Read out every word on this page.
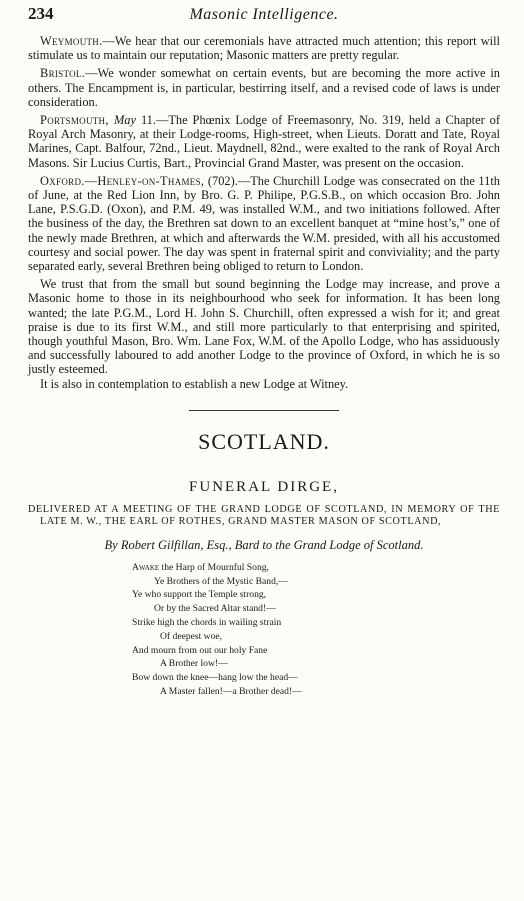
234	Masonic Intelligence.

Weymouth.—We hear that our ceremonials have attracted much attention; this report will stimulate us to maintain our reputation; Masonic matters are pretty regular.

Bristol.—We wonder somewhat on certain events, but are becoming the more active in others. The Encampment is, in particular, bestirring itself, and a revised code of laws is under consideration.

Portsmouth, May 11.—The Phœnix Lodge of Freemasonry, No. 319, held a Chapter of Royal Arch Masonry, at their Lodge-rooms, High-street, when Lieuts. Doratt and Tate, Royal Marines, Capt. Balfour, 72nd., Lieut. Maydnell, 82nd., were exalted to the rank of Royal Arch Masons. Sir Lucius Curtis, Bart., Provincial Grand Master, was present on the occasion.

Oxford.—Henley-on-Thames, (702).—The Churchill Lodge was consecrated on the 11th of June, at the Red Lion Inn, by Bro. G. P. Philipe, P.G.S.B., on which occasion Bro. John Lane, P.S.G.D. (Oxon), and P.M. 49, was installed W.M., and two initiations followed. After the business of the day, the Brethren sat down to an excellent banquet at “mine host’s,” one of the newly made Brethren, at which and afterwards the W.M. presided, with all his accustomed courtesy and social power. The day was spent in fraternal spirit and conviviality; and the party separated early, several Brethren being obliged to return to London.

We trust that from the small but sound beginning the Lodge may increase, and prove a Masonic home to those in its neighbourhood who seek for information. It has been long wanted; the late P.G.M., Lord H. John S. Churchill, often expressed a wish for it; and great praise is due to its first W.M., and still more particularly to that enterprising and spirited, though youthful Mason, Bro. Wm. Lane Fox, W.M. of the Apollo Lodge, who has assiduously and successfully laboured to add another Lodge to the province of Oxford, in which he is so justly esteemed.

It is also in contemplation to establish a new Lodge at Witney.

SCOTLAND.
FUNERAL DIRGE,

DELIVERED AT A MEETING OF THE GRAND LODGE OF SCOTLAND, IN MEMORY OF THE LATE M. W., THE EARL OF ROTHES, GRAND MASTER MASON OF SCOTLAND,

By Robert Gilfillan, Esq., Bard to the Grand Lodge of Scotland.

Awake the Harp of Mournful Song,
Ye Brothers of the Mystic Band,—
Ye who support the Temple strong,
Or by the Sacred Altar stand!—
Strike high the chords in wailing strain
Of deepest woe,
And mourn from out our holy Fane
A Brother low!—
Bow down the knee—hang low the head—
A Master fallen!—a Brother dead!—
